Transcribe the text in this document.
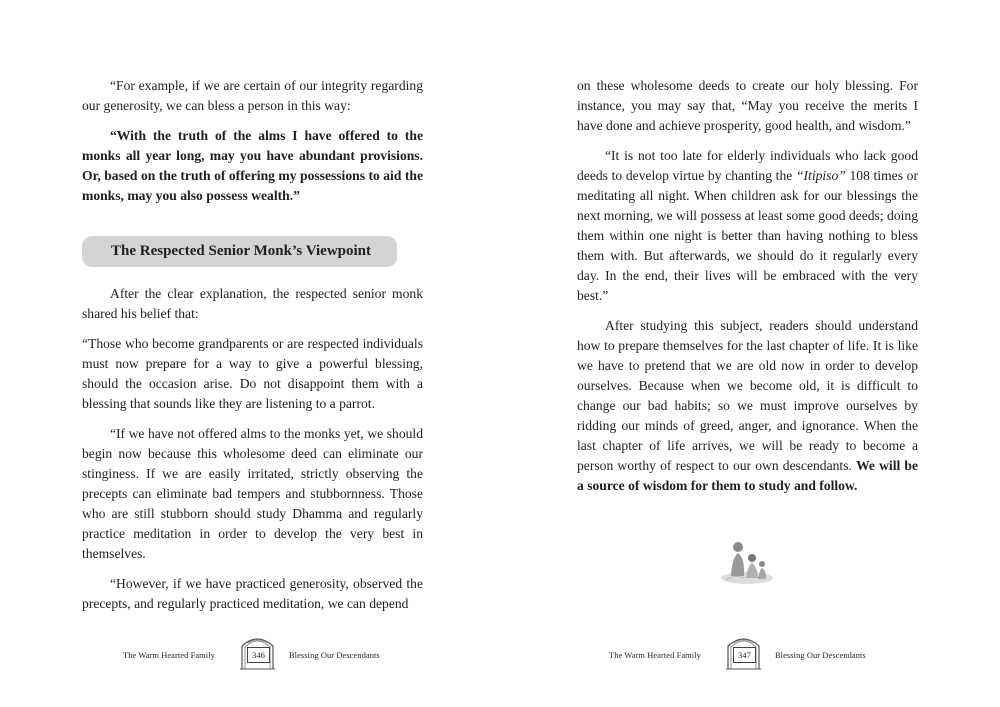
“For example, if we are certain of our integrity regarding our generosity, we can bless a person in this way:

“With the truth of the alms I have offered to the monks all year long, may you have abundant provisions. Or, based on the truth of offering my possessions to aid the monks, may you also possess wealth.”

The Respected Senior Monk’s Viewpoint

After the clear explanation, the respected senior monk shared his belief that:

“Those who become grandparents or are respected individuals must now prepare for a way to give a powerful blessing, should the occasion arise. Do not disappoint them with a blessing that sounds like they are listening to a parrot.

“If we have not offered alms to the monks yet, we should begin now because this wholesome deed can eliminate our stinginess. If we are easily irritated, strictly observing the precepts can eliminate bad tempers and stubbornness. Those who are still stubborn should study Dhamma and regularly practice meditation in order to develop the very best in themselves.

“However, if we have practiced generosity, observed the precepts, and regularly practiced meditation, we can depend

The Warm Hearted Family	346	Blessing Our Descendants

on these wholesome deeds to create our holy blessing. For instance, you may say that, “May you receive the merits I have done and achieve prosperity, good health, and wisdom.”

“It is not too late for elderly individuals who lack good deeds to develop virtue by chanting the “Itipiso” 108 times or meditating all night. When children ask for our blessings the next morning, we will possess at least some good deeds; doing them within one night is better than having nothing to bless them with. But afterwards, we should do it regularly every day. In the end, their lives will be embraced with the very best.”

After studying this subject, readers should understand how to prepare themselves for the last chapter of life. It is like we have to pretend that we are old now in order to develop ourselves. Because when we become old, it is difficult to change our bad habits; so we must improve ourselves by ridding our minds of greed, anger, and ignorance. When the last chapter of life arrives, we will be ready to become a person worthy of respect to our own descendants. We will be a source of wisdom for them to study and follow.

The Warm Hearted Family	347	Blessing Our Descendants
